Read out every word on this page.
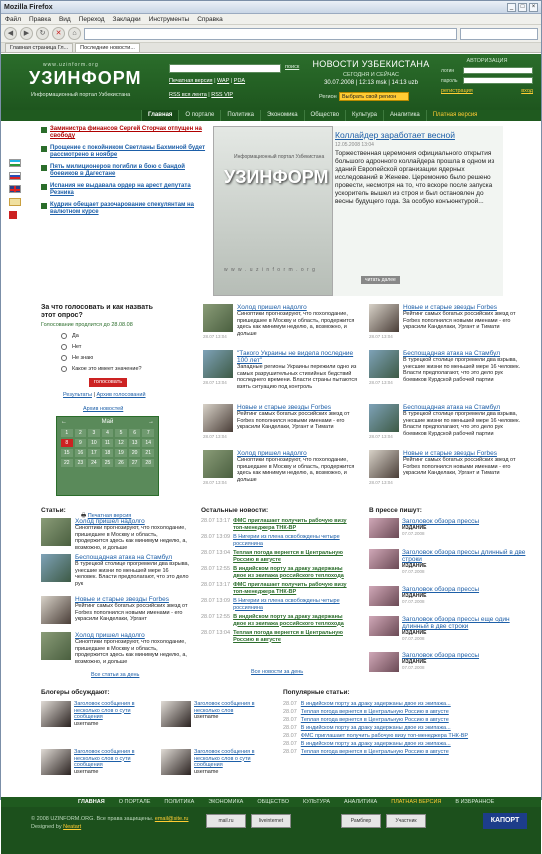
Mozilla Firefox	_	□	×
Файл Правка Вид Переход Закладки Инструменты Справка
◀	▶	↻	✕	⌂
Главная страница Гл...	Последние новости...
www.uzinform.org
УЗИНФОРМ
Информационный портал Узбекистана
поиск
Печатная версия | WAP | PDA
RSS вся лента | RSS VIP
НОВОСТИ УЗБЕКИСТАНА
СЕГОДНЯ И СЕЙЧАС
30.07.2008 | 12:13 msk | 14:13 uzb
Регион Выбрать свой регион
АВТОРИЗАЦИЯ
логин
пароль
регистрация	вход
Главная	О портале	Политика	Экономика	Общество	Культура	Аналитика	Платная версия
Заминистра финансов Сергей Сторчак отпущен на свободу
Прощение с покойником Светланы Бахминой будет рассмотрено в ноябре
Пять милиционеров погибли в бою с бандой боевиков в Дагестане
Испания не выдавала ордер на арест депутата Резника
Кудрин обещает разочарование спекулянтам на валютном курсе
Информационный портал Узбекистана
УЗИНФОРМ
w w w . u z i n f o r m . o r g
Коллайдер заработает весной
12.05.2008 13:04
Торжественная церемония официального открытия большого адронного коллайдера прошла в одном из зданий Европейской организации ядерных исследований в Женеве. Церемонию было решено провести, несмотря на то, что вскоре после запуска ускоритель вышел из строя и был остановлен до весны будущего года. За особую конъюнктурой...
читать далее
За что голосовать и как назвать этот опрос?
Голосование продлится до 28.08.08
Да
Нет
Не знаю
Какое это имеет значение?
голосовать
Результаты | Архив голосований
Архив новостей
←	Май	→
1	2	3	4	5	6	7
8	9	10	11	12	13	14
15	16	17	18	19	20	21
22	23	24	25	26	27	28
🖶 Печатная версия
Холод пришел надолго
Синоптики прогнозируют, что похолодание, пришедшее в Москву и область, продержится здесь как минимум неделю, а, возможно, и дольше
28.07 13:04
"Такого Украины не видела последние 100 лет"
Западные регионы Украины пережили одно из самых разрушительных стихийных бедствий последнего времени. Власти страны пытаются взять ситуацию под контроль
28.07 13:04
Новые и старые звезды Forbes
Рейтинг самых богатых российских звезд от Forbes пополнился новыми именами - его украсили Канделаки, Ургант и Тимати
28.07 13:04
Холод пришел надолго
Синоптики прогнозируют, что похолодание, пришедшее в Москву и область, продержится здесь как минимум неделю, а, возможно, и дольше
28.07 13:04
Новые и старые звезды Forbes
Рейтинг самых богатых российских звезд от Forbes пополнился новыми именами - его украсили Канделаки, Ургант и Тимати
28.07 13:04
Беспощадная атака на Стамбул
В турецкой столице прогремели два взрыва, унесшие жизни по меньшей мере 16 человек. Власти предполагают, что это дело рук боевиков Курдской рабочей партии
28.07 13:04
Беспощадная атака на Стамбул
В турецкой столице прогремели два взрыва, унесшие жизни по меньшей мере 16 человек. Власти предполагают, что это дело рук боевиков Курдской рабочей партии
28.07 13:04
Новые и старые звезды Forbes
Рейтинг самых богатых российских звезд от Forbes пополнился новыми именами - его украсили Канделаки, Ургант и Тимати
28.07 13:04
Статьи:
Холод пришел надолго
Синоптики прогнозируют, что похолодание, пришедшее в Москву и область, продержится здесь как минимум неделю, а, возможно, и дольше
Беспощадная атака на Стамбул
В турецкой столице прогремели два взрыва, унесшие жизни по меньшей мере 16 человек. Власти предполагают, что это дело рук
Новые и старые звезды Forbes
Рейтинг самых богатых российских звезд от Forbes пополнился новыми именами - его украсили Канделаки, Ургант
Холод пришел надолго
Синоптики прогнозируют, что похолодание, пришедшее в Москву и область, продержится здесь как минимум неделю, а, возможно, и дольше
Все статьи за день
Остальные новости:
28.07 13:17 ФМС приглашает получить рабочую визу топ-менеджера ТНК-ВР
28.07 13:09 В Нигерии из плена освобождены четыре россиянина
28.07 13:04 Теплая погода вернется в Центральную Россию в августе
28.07 12:55 В индийском порту за драку задержаны двое из экипажа российского теплохода
28.07 13:17 ФМС приглашает получить рабочую визу топ-менеджера ТНК-ВР
28.07 13:09 В Нигерии из плена освобождены четыре россиянина
28.07 12:55 В индийском порту за драку задержаны двое из экипажа российского теплохода
28.07 13:04 Теплая погода вернется в Центральную Россию в августе
Все новости за день
В прессе пишут:
Заголовок обзора прессы
ИЗДАНИЕ
07.07.2008
Заголовок обзора прессы длинный в две строки
ИЗДАНИЕ
07.07.2008
Заголовок обзора прессы
ИЗДАНИЕ
07.07.2008
Заголовок обзора прессы еще один длинный в две строки
ИЗДАНИЕ
07.07.2008
Заголовок обзора прессы
ИЗДАНИЕ
07.07.2008
Блогеры обсуждают:
Заголовок сообщения в несколько слов о сути сообщения
username
Заголовок сообщения в несколько слов
username
Заголовок сообщения в несколько слов о сути сообщения
username
Заголовок сообщения в несколько слов о сути сообщения
username
Популярные статьи:
28.07 В индийском порту за драку задержаны двое из экипажа...
28.07 Теплая погода вернется в Центральную Россию в августе
28.07 Теплая погода вернется в Центральную Россию в августе
28.07 В индийском порту за драку задержаны двое из экипажа...
28.07 ФМС приглашает получить рабочую визу топ-менеджера ТНК-ВР
28.07 В индийском порту за драку задержаны двое из экипажа...
28.07 Теплая погода вернется в Центральную Россию в августе
ГЛАВНАЯ	О ПОРТАЛЕ	ПОЛИТИКА	ЭКОНОМИКА	ОБЩЕСТВО	КУЛЬТУРА	АНАЛИТИКА	ПЛАТНАЯ ВЕРСИЯ	В ИЗБРАННОЕ
© 2008 UZINFORM.ORG. Все права защищены. email@site.ru
Designed by Neatart
mail.ru	liveinternet	Рамблер	Участник	КАПОРТ
